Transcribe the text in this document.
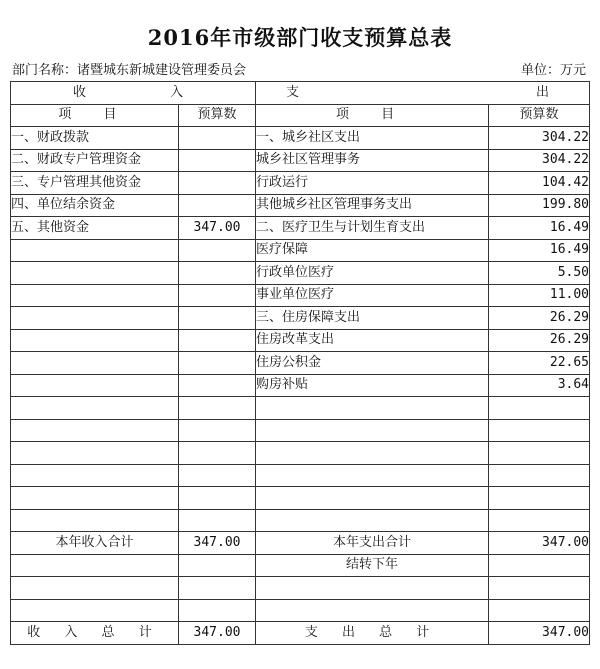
2016年市级部门收支预算总表
部门名称：诸暨城东新城建设管理委员会	单位：万元
收 入		支 出	

项 目	预算数	项 目	预算数
一、财政拨款		一、城乡社区支出	304.22
二、财政专户管理资金		城乡社区管理事务	304.22
三、专户管理其他资金		行政运行	104.42
四、单位结余资金		其他城乡社区管理事务支出	199.80
五、其他资金	347.00	二、医疗卫生与计划生育支出	16.49
		医疗保障	16.49
		行政单位医疗	5.50
		事业单位医疗	11.00
		三、住房保障支出	26.29
		住房改革支出	26.29
		住房公积金	22.65
		购房补贴	3.64

本年收入合计	347.00	本年支出合计	347.00
		结转下年	

收 入 总 计	347.00	支 出 总 计	347.00
